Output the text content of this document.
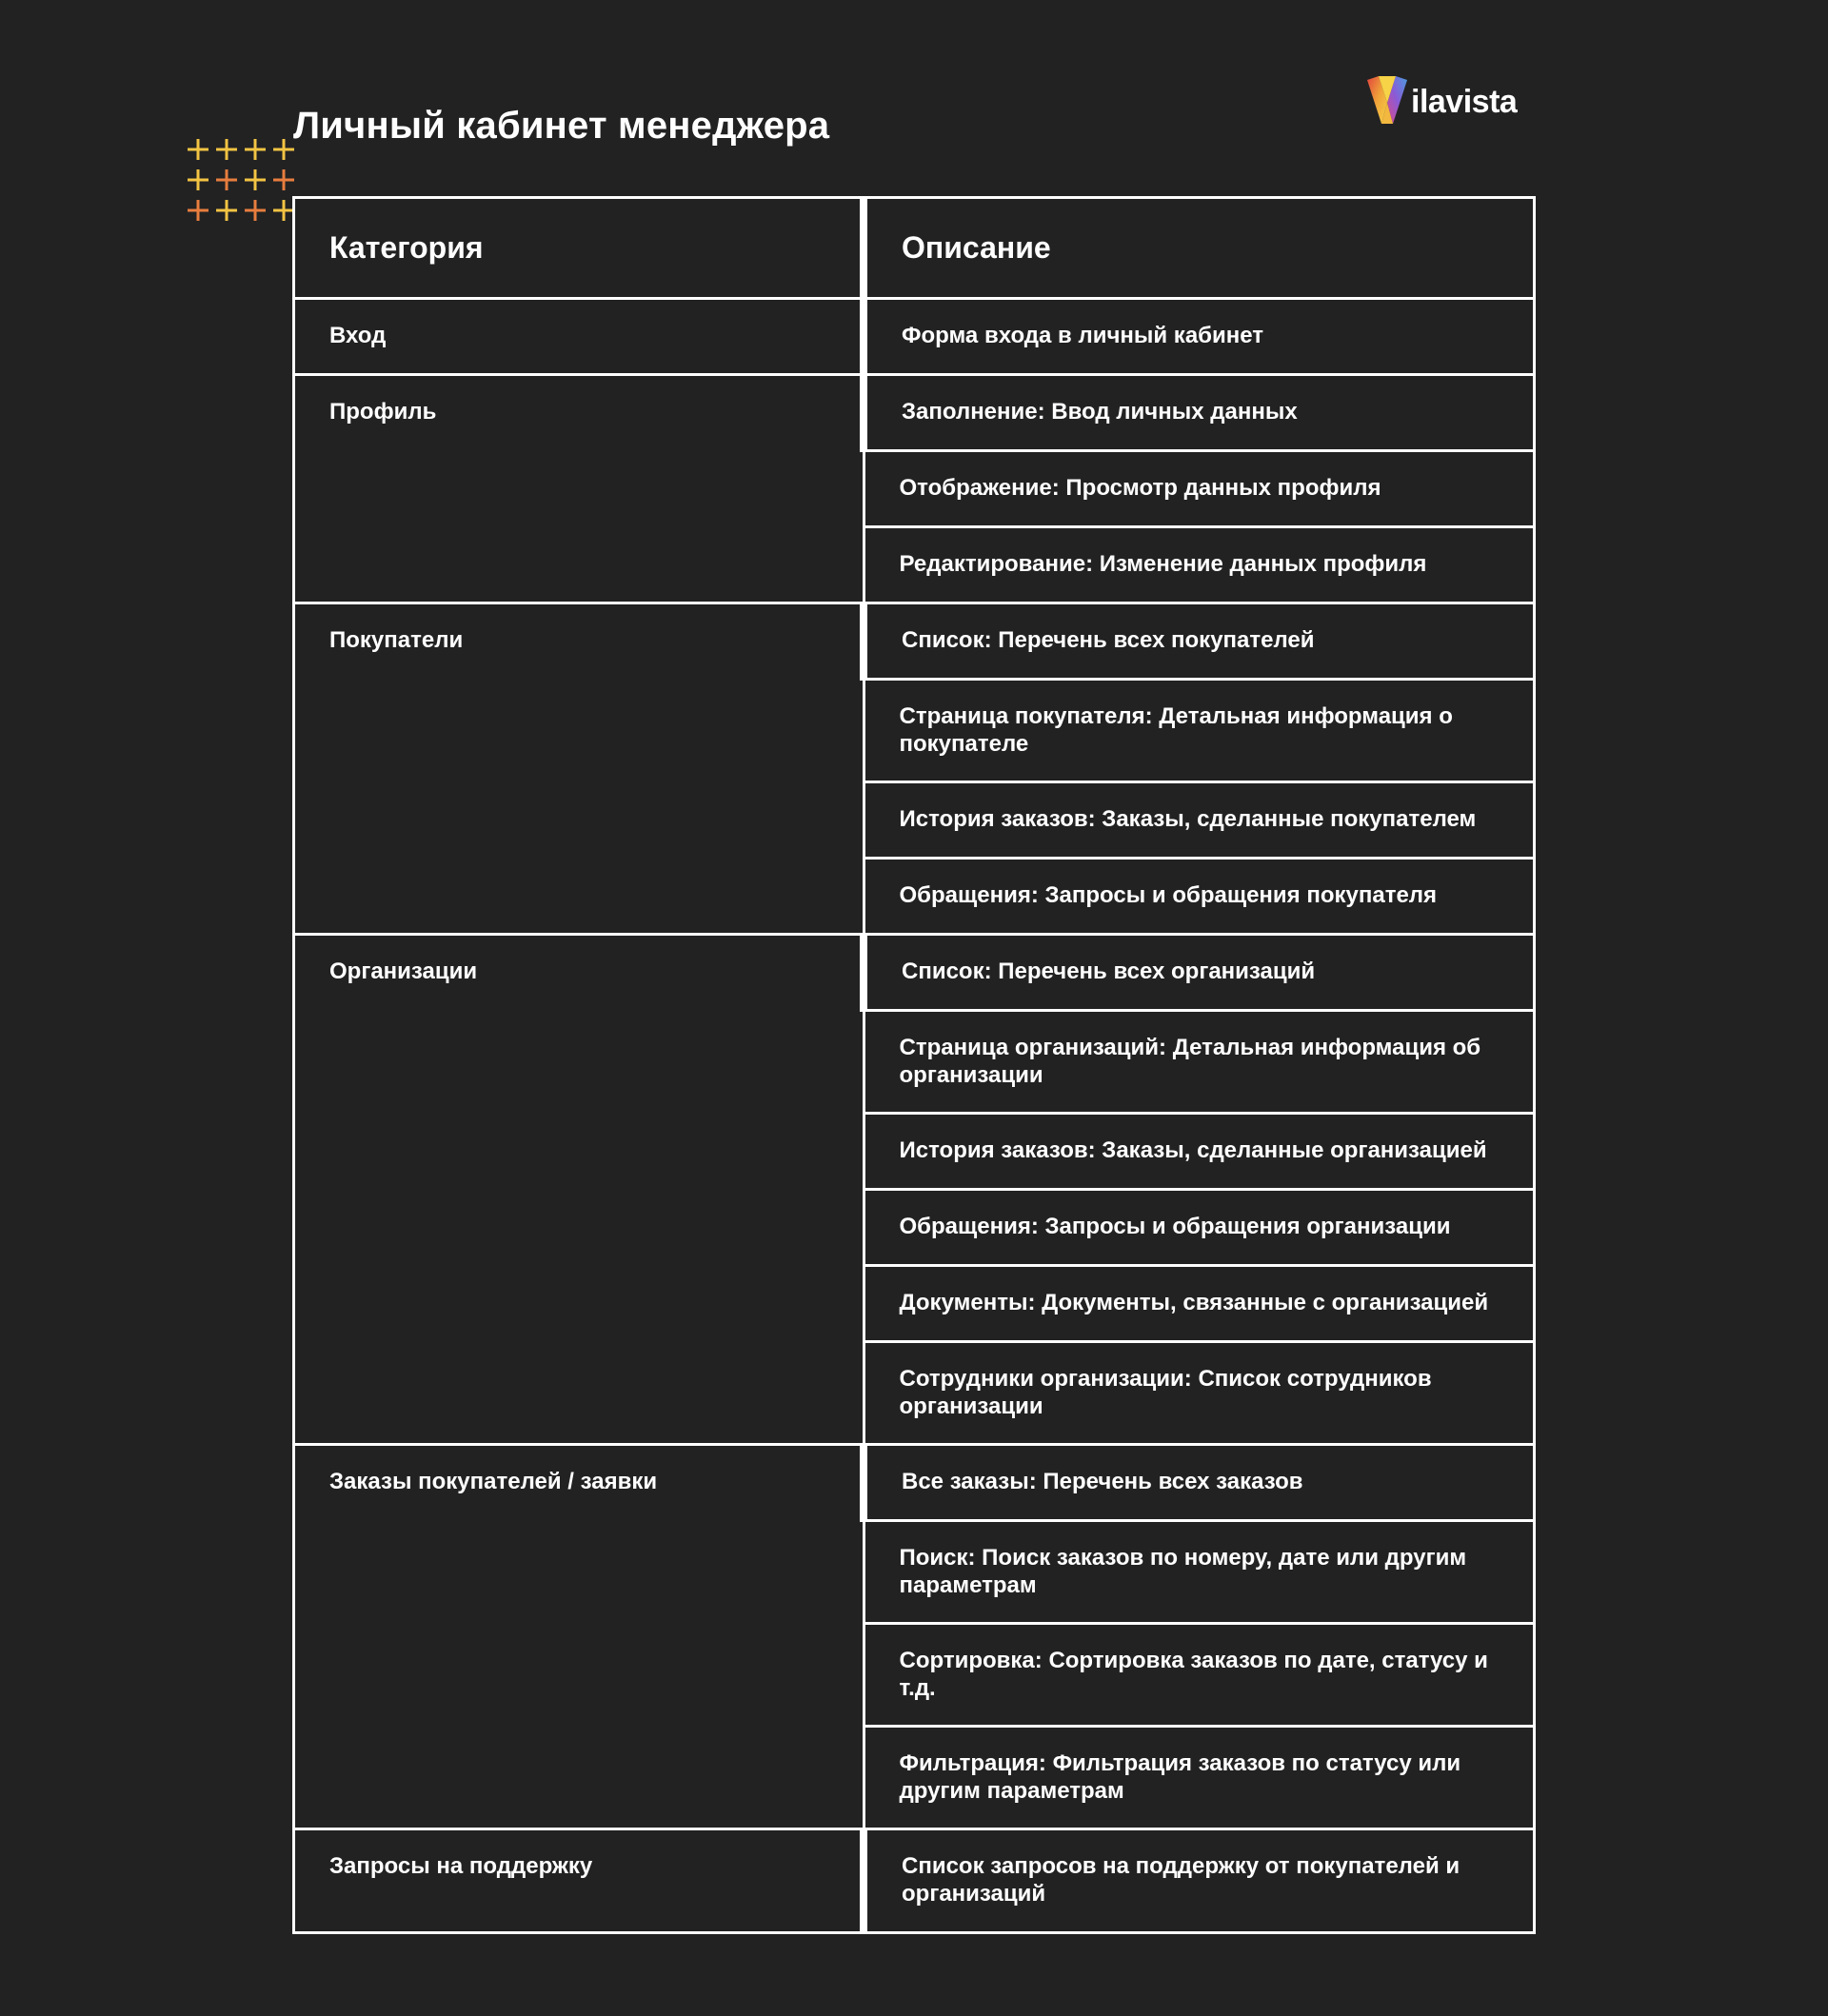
Личный кабинет менеджера
ilavista
Категория	Описание
Вход	Форма входа в личный кабинет
Профиль	Заполнение: Ввод личных данных
	Отображение: Просмотр данных профиля
	Редактирование: Изменение данных профиля
Покупатели	Список: Перечень всех покупателей
	Страница покупателя: Детальная информация о покупателе
	История заказов: Заказы, сделанные покупателем
	Обращения: Запросы и обращения покупателя
Организации	Список: Перечень всех организаций
	Страница организаций: Детальная информация об организации
	История заказов: Заказы, сделанные организацией
	Обращения: Запросы и обращения организации
	Документы: Документы, связанные с организацией
	Сотрудники организации: Список сотрудников организации
Заказы покупателей / заявки	Все заказы: Перечень всех заказов
	Поиск: Поиск заказов по номеру, дате или другим параметрам
	Сортировка: Сортировка заказов по дате, статусу и т.д.
	Фильтрация: Фильтрация заказов по статусу или другим параметрам
Запросы на поддержку	Список запросов на поддержку от покупателей и организаций
